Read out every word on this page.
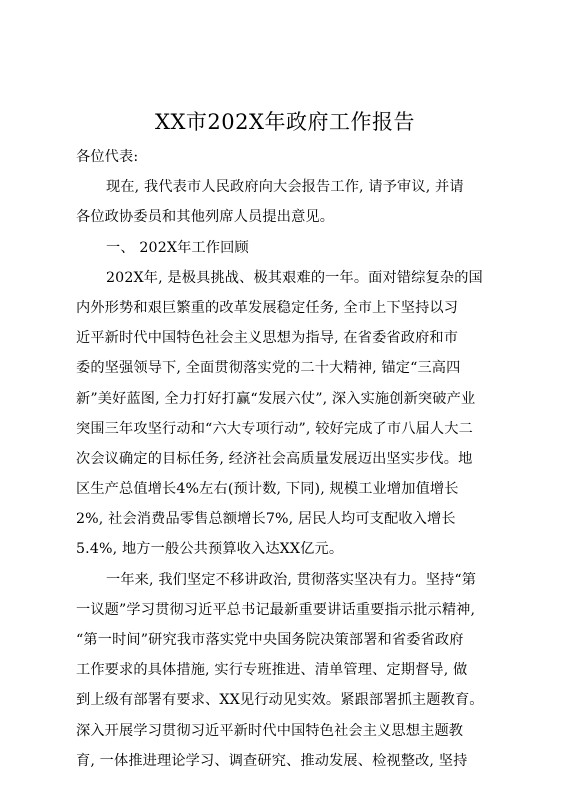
XX市202X年政府工作报告
各位代表:
现在, 我代表市人民政府向大会报告工作, 请予审议, 并请
各位政协委员和其他列席人员提出意见。
一、 202X年工作回顾
202X年, 是极具挑战、极其艰难的一年。面对错综复杂的国
内外形势和艰巨繁重的改革发展稳定任务, 全市上下坚持以习
近平新时代中国特色社会主义思想为指导, 在省委省政府和市
委的坚强领导下, 全面贯彻落实党的二十大精神, 锚定“三高四
新”美好蓝图, 全力打好打赢“发展六仗”, 深入实施创新突破产业
突围三年攻坚行动和“六大专项行动”, 较好完成了市八届人大二
次会议确定的目标任务, 经济社会高质量发展迈出坚实步伐。地
区生产总值增长4%左右(预计数, 下同), 规模工业增加值增长
2%, 社会消费品零售总额增长7%, 居民人均可支配收入增长
5.4%, 地方一般公共预算收入达XX亿元。
一年来, 我们坚定不移讲政治, 贯彻落实坚决有力。坚持“第
一议题”学习贯彻习近平总书记最新重要讲话重要指示批示精神,
“第一时间”研究我市落实党中央国务院决策部署和省委省政府
工作要求的具体措施, 实行专班推进、清单管理、定期督导, 做
到上级有部署有要求、XX见行动见实效。紧跟部署抓主题教育。
深入开展学习贯彻习近平新时代中国特色社会主义思想主题教
育, 一体推进理论学习、调查研究、推动发展、检视整改, 坚持
